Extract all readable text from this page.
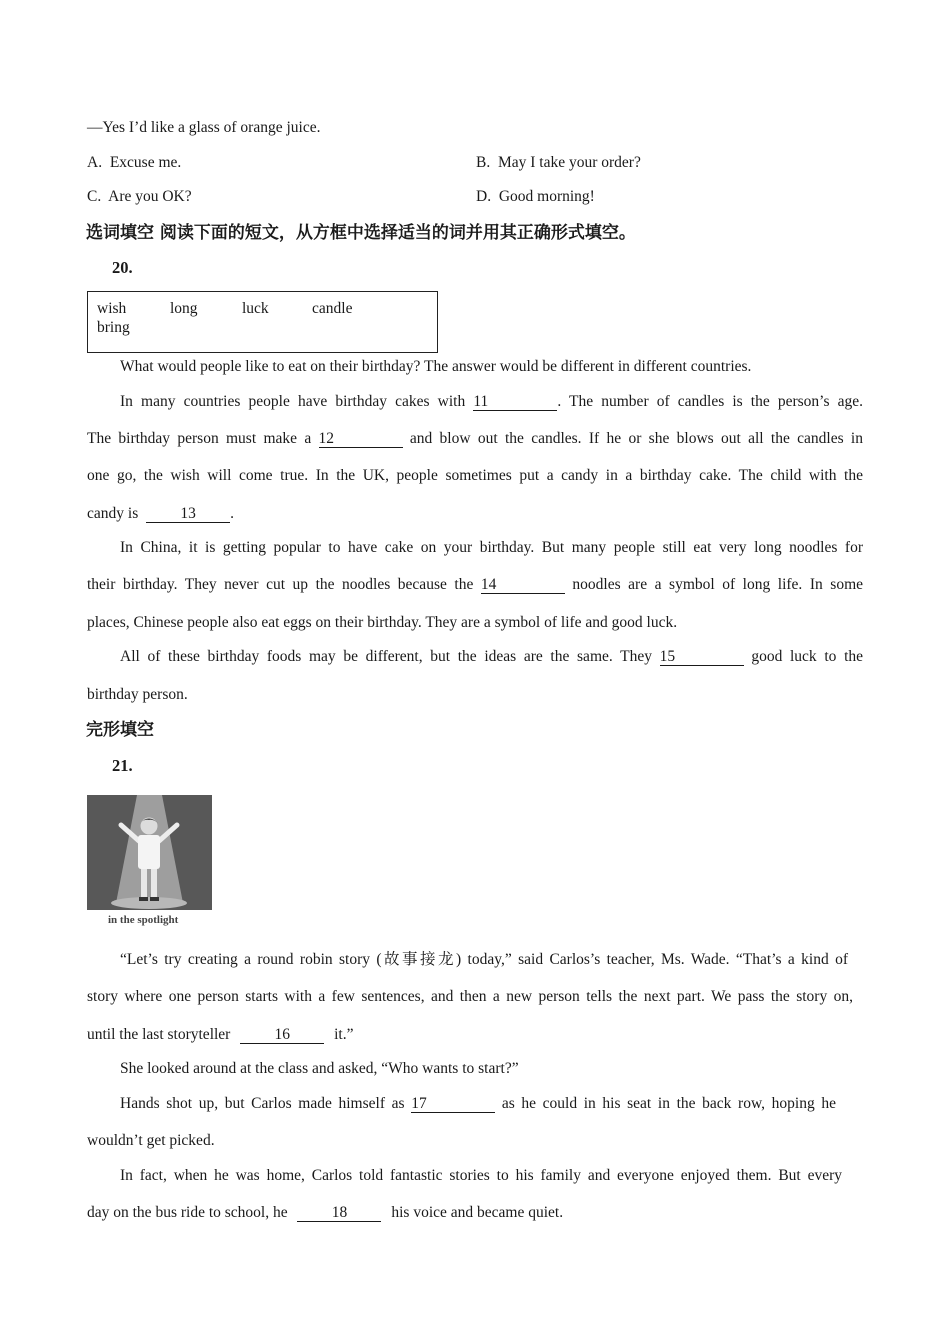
—Yes I’d like a glass of orange juice.
A. Excuse me.	B. May I take your order?
C. Are you OK?	D. Good morning!
选词填空 阅读下面的短文，从方框中选择适当的词并用其正确形式填空。
20.
wish	long	luck	candle
bring
What would people like to eat on their birthday? The answer would be different in different countries.
In many countries people have birthday cakes with 11	. The number of candles is the person’s age.
The birthday person must make a 12	and blow out the candles. If he or she blows out all the candles in
one go, the wish will come true. In the UK, people sometimes put a candy in a birthday cake. The child with the
candy is	13 .
In China, it is getting popular to have cake on your birthday. But many people still eat very long noodles for
their birthday. They never cut up the noodles because the 14	noodles are a symbol of long life. In some
places, Chinese people also eat eggs on their birthday. They are a symbol of life and good luck.
All of these birthday foods may be different, but the ideas are the same. They 15	good luck to the
birthday person.
完形填空
21.
in the spotlight
“Let’s try creating a round robin story (故事接龙) today,” said Carlos’s teacher, Ms. Wade. “That’s a kind of
story where one person starts with a few sentences, and then a new person tells the next part. We pass the story on,
until the last storyteller	16	it.”
She looked around at the class and asked, “Who wants to start?”
Hands shot up, but Carlos made himself as 17	as he could in his seat in the back row, hoping he
wouldn’t get picked.
In fact, when he was home, Carlos told fantastic stories to his family and everyone enjoyed them. But every
day on the bus ride to school, he	18	his voice and became quiet.
